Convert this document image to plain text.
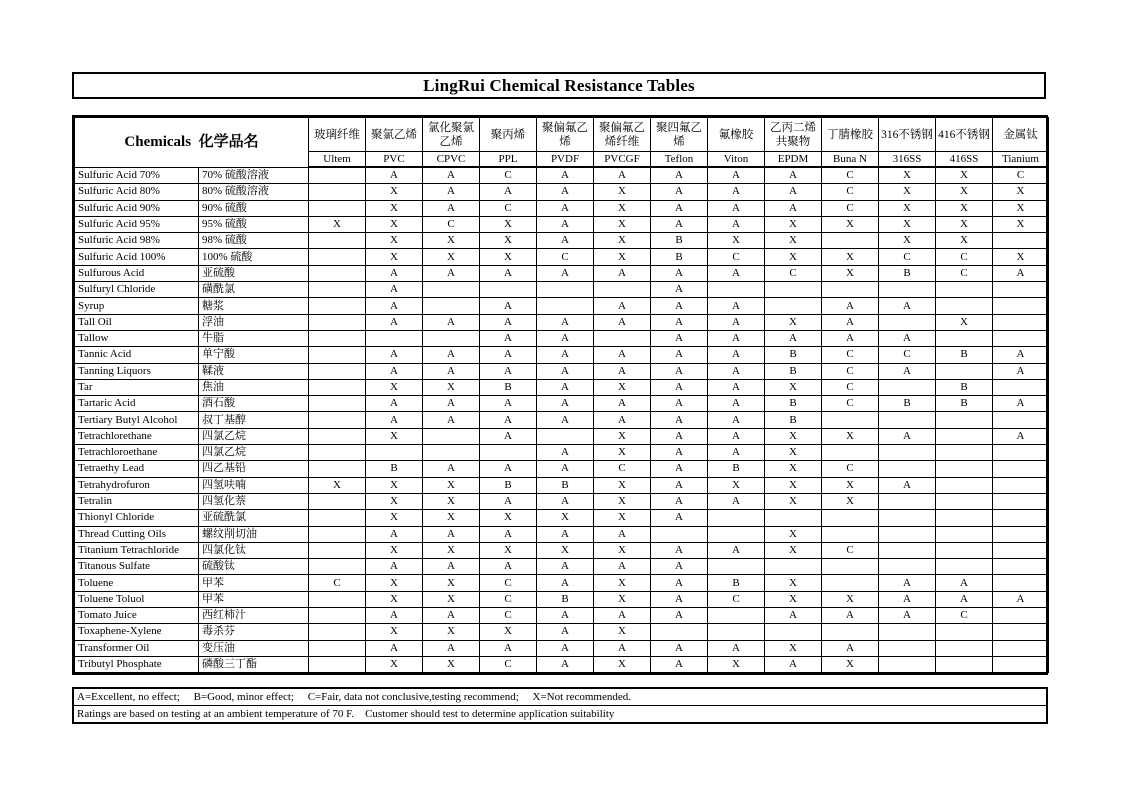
LingRui Chemical Resistance Tables
Chemicals 化学品名		玻璃纤维	聚氯乙烯	氯化聚氯乙烯	聚丙烯	聚偏氟乙烯	聚偏氟乙烯纤维	聚四氟乙烯	氟橡胶	乙丙二烯共聚物	丁腈橡胶	316不锈钢	416不锈钢	金属钛
		Ultem	PVC	CPVC	PPL	PVDF	PVCGF	Teflon	Viton	EPDM	Buna N	316SS	416SS	Tianium
Sulfuric Acid 70%	70% 硫酸溶液		A	A	C	A	A	A	A	A	C	X	X	C
Sulfuric Acid 80%	80% 硫酸溶液		X	A	A	A	X	A	A	A	C	X	X	X
Sulfuric Acid 90%	90% 硫酸		X	A	C	A	X	A	A	A	C	X	X	X
Sulfuric Acid 95%	95% 硫酸	X	X	C	X	A	X	A	A	X	X	X	X	X
Sulfuric Acid 98%	98% 硫酸		X	X	X	A	X	B	X	X		X	X	
Sulfuric Acid 100%	100% 硫酸		X	X	X	C	X	B	C	X	X	C	C	X
Sulfurous Acid	亚硫酸		A	A	A	A	A	A	A	C	X	B	C	A
Sulfuryl Chloride	磺酰氯		A					A						
Syrup	糖浆		A		A		A	A	A		A	A		
Tall Oil	浮油		A	A	A	A	A	A	A	X	A		X	
Tallow	牛脂				A	A		A	A	A	A	A		
Tannic Acid	单宁酸		A	A	A	A	A	A	A	B	C	C	B	A
Tanning Liquors	鞣液		A	A	A	A	A	A	A	B	C	A		A
Tar	焦油		X	X	B	A	X	A	A	X	C		B	
Tartaric Acid	酒石酸		A	A	A	A	A	A	A	B	C	B	B	A
Tertiary Butyl Alcohol	叔丁基醇		A	A	A	A	A	A	A	B				
Tetrachlorethane	四氯乙烷		X		A		X	A	A	X	X	A		A
Tetrachloroethane	四氯乙烷					A	X	A	A	X				
Tetraethy Lead	四乙基铅		B	A	A	A	C	A	B	X	C			
Tetrahydrofuron	四氢呋喃	X	X	X	B	B	X	A	X	X	X	A		
Tetralin	四氢化萘		X	X	A	A	X	A	A	X	X			
Thionyl Chloride	亚硫酰氯		X	X	X	X	X	A						
Thread Cutting Oils	螺纹削切油		A	A	A	A	A			X				
Titanium Tetrachloride	四氯化钛		X	X	X	X	X	A	A	X	C			
Titanous Sulfate	硫酸钛		A	A	A	A	A	A						
Toluene	甲苯	C	X	X	C	A	X	A	B	X		A	A	
Toluene Toluol	甲苯		X	X	C	B	X	A	C	X	X	A	A	A
Tomato Juice	西红柿汁		A	A	C	A	A	A		A	A	A	C	
Toxaphene-Xylene	毒杀芬		X	X	X	A	X							
Transformer Oil	变压油		A	A	A	A	A	A	A	X	A			
Tributyl Phosphate	磷酸三丁酯		X	X	C	A	X	A	X	A	X			
A=Excellent, no effect;     B=Good, minor effect;     C=Fair, data not conclusive,testing recommend;     X=Not recommended.
Ratings are based on testing at an ambient temperature of 70 F.    Customer should test to determine application suitability
